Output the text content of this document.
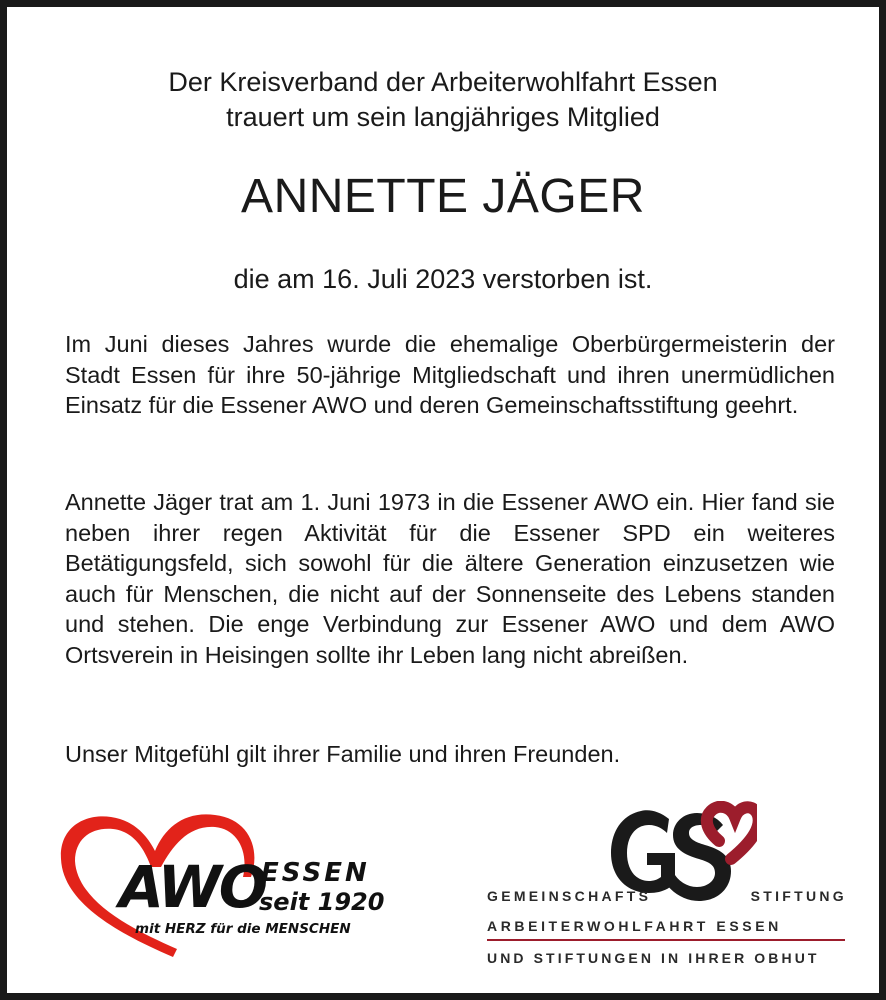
Der Kreisverband der Arbeiterwohlfahrt Essen
trauert um sein langjähriges Mitglied
ANNETTE JÄGER
die am 16. Juli 2023 verstorben ist.
Im Juni dieses Jahres wurde die ehemalige Oberbürgermeisterin der Stadt Essen für ihre 50-jährige Mitgliedschaft und ihren unermüdlichen Einsatz für die Essener AWO und deren Gemeinschaftsstiftung geehrt.
Annette Jäger trat am 1. Juni 1973 in die Essener AWO ein. Hier fand sie neben ihrer regen Aktivität für die Essener SPD ein weiteres Betätigungsfeld, sich sowohl für die ältere Generation einzusetzen wie auch für Menschen, die nicht auf der Sonnenseite des Lebens standen und stehen. Die enge Verbindung zur Essener AWO und dem AWO Ortsverein in Heisingen sollte ihr Leben lang nicht abreißen.
Unser Mitgefühl gilt ihrer Familie und ihren Freunden.
AWO
ESSEN
seit 1920
mit HERZ für die MENSCHEN
GEMEINSCHAFTS	STIFTUNG
ARBEITERWOHLFAHRT ESSEN
UND STIFTUNGEN IN IHRER OBHUT
